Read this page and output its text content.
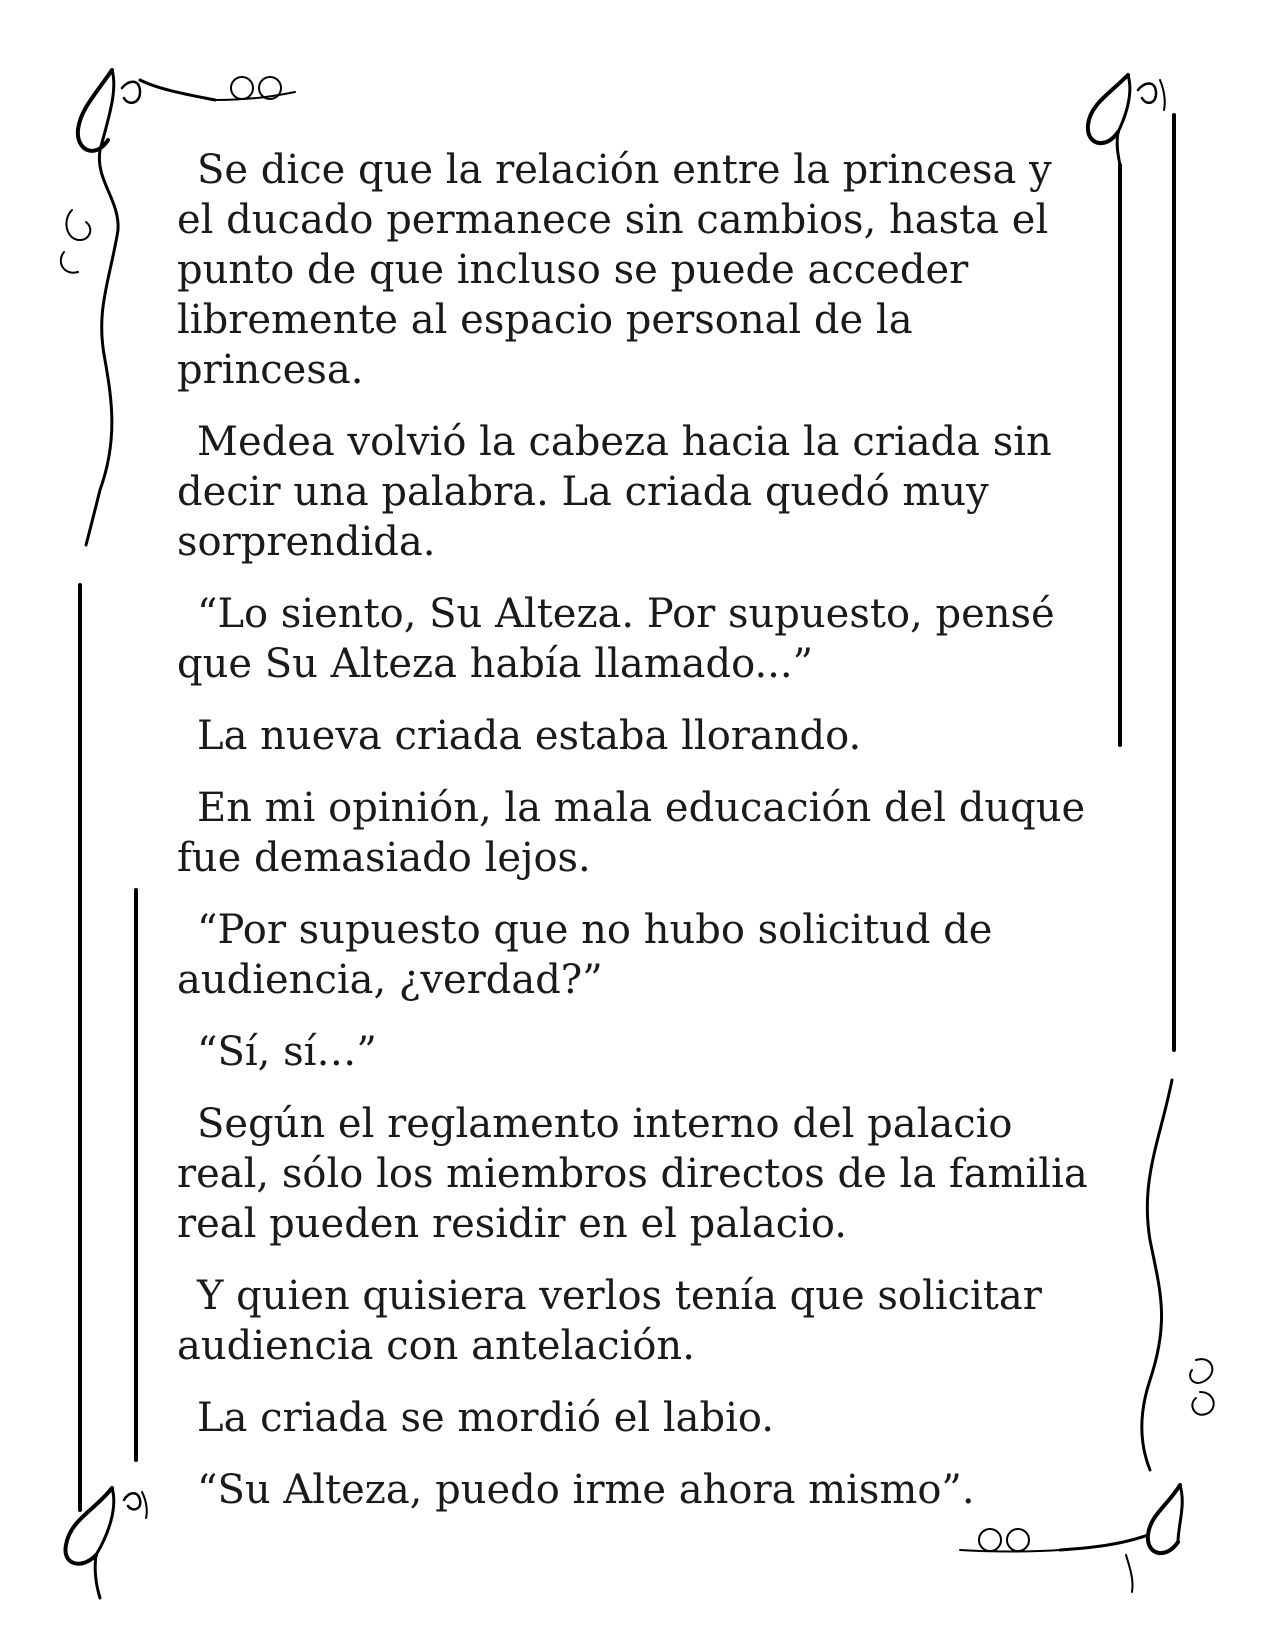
Se dice que la relación entre la princesa y el ducado permanece sin cambios, hasta el punto de que incluso se puede acceder libremente al espacio personal de la princesa.

Medea volvió la cabeza hacia la criada sin decir una palabra. La criada quedó muy sorprendida.

“Lo siento, Su Alteza. Por supuesto, pensé que Su Alteza había llamado...”

La nueva criada estaba llorando.

En mi opinión, la mala educación del duque fue demasiado lejos.

“Por supuesto que no hubo solicitud de audiencia, ¿verdad?”

“Sí, sí…”

Según el reglamento interno del palacio real, sólo los miembros directos de la familia real pueden residir en el palacio.

Y quien quisiera verlos tenía que solicitar audiencia con antelación.

La criada se mordió el labio.

“Su Alteza, puedo irme ahora mismo”.
